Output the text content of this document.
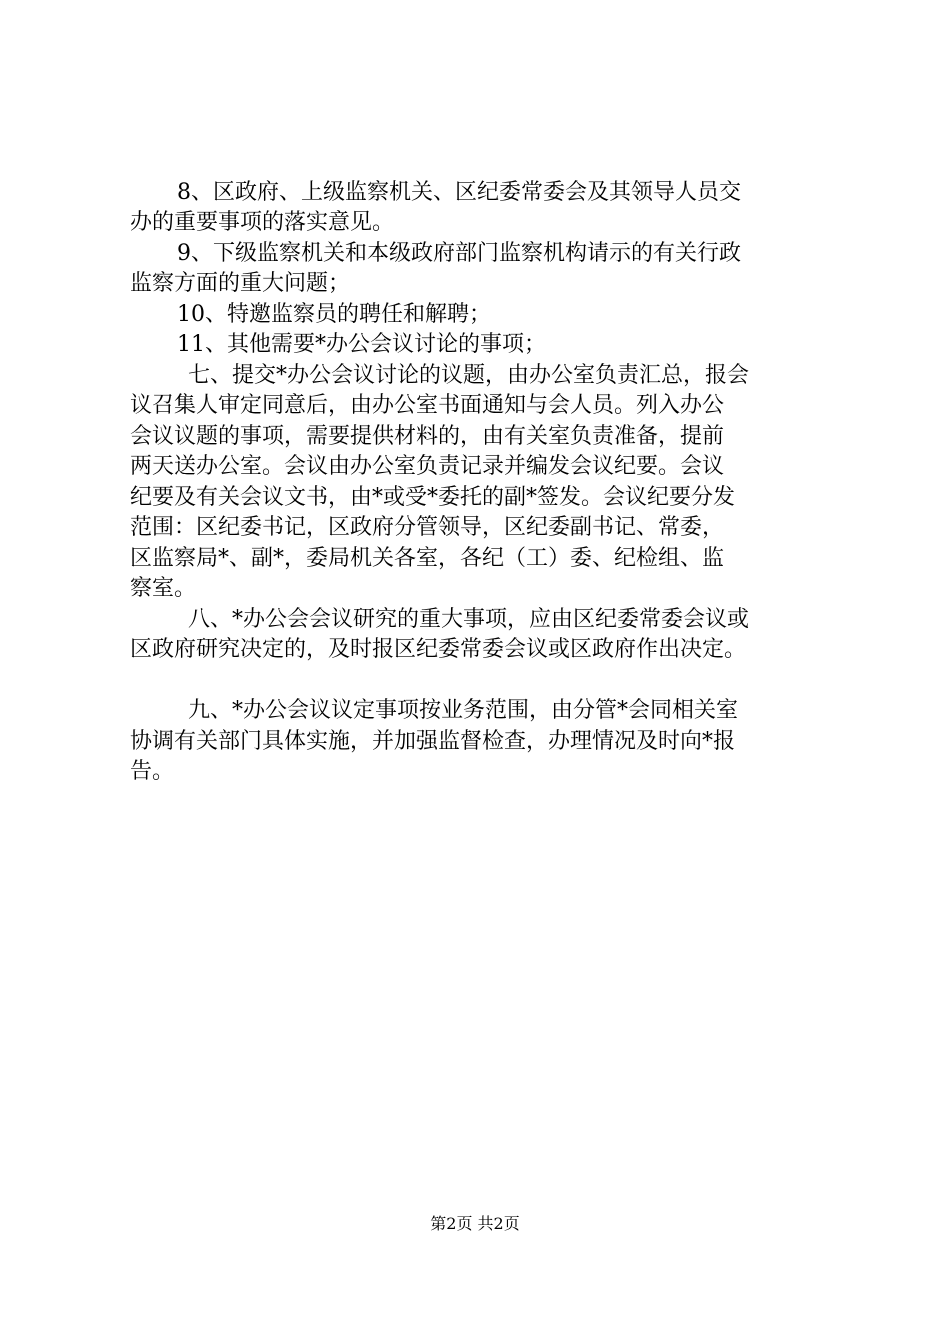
8、区政府、上级监察机关、区纪委常委会及其领导人员交
办的重要事项的落实意见。
9、下级监察机关和本级政府部门监察机构请示的有关行政
监察方面的重大问题；
10、特邀监察员的聘任和解聘；
11、其他需要*办公会议讨论的事项；
七、提交*办公会议讨论的议题，由办公室负责汇总，报会
议召集人审定同意后，由办公室书面通知与会人员。列入办公
会议议题的事项，需要提供材料的，由有关室负责准备，提前
两天送办公室。会议由办公室负责记录并编发会议纪要。会议
纪要及有关会议文书，由*或受*委托的副*签发。会议纪要分发
范围：区纪委书记，区政府分管领导，区纪委副书记、常委，
区监察局*、副*，委局机关各室，各纪（工）委、纪检组、监
察室。
八、*办公会会议研究的重大事项，应由区纪委常委会议或
区政府研究决定的，及时报区纪委常委会议或区政府作出决定。
九、*办公会议议定事项按业务范围，由分管*会同相关室
协调有关部门具体实施，并加强监督检查，办理情况及时向*报
告。
第2页 共2页
